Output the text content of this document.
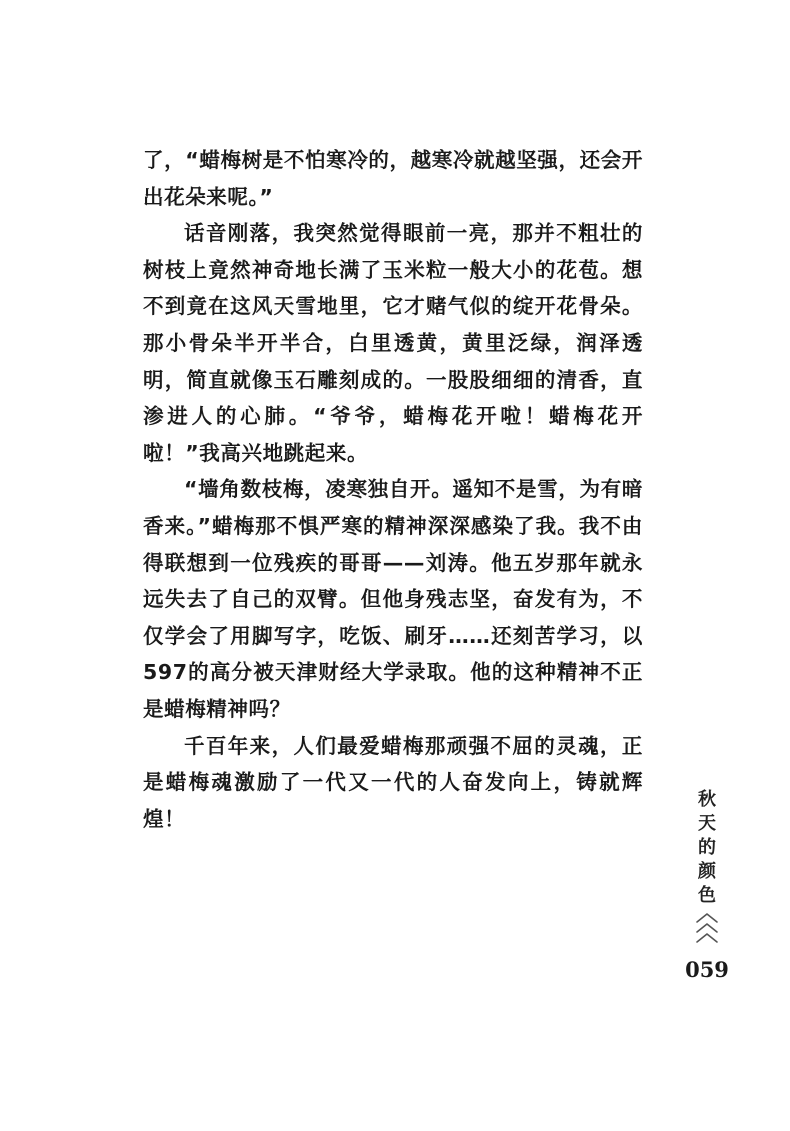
了，“蜡梅树是不怕寒冷的，越寒冷就越坚强，还会开出花朵来呢。”

话音刚落，我突然觉得眼前一亮，那并不粗壮的树枝上竟然神奇地长满了玉米粒一般大小的花苞。想不到竟在这风天雪地里，它才赌气似的绽开花骨朵。那小骨朵半开半合，白里透黄，黄里泛绿，润泽透明，简直就像玉石雕刻成的。一股股细细的清香，直渗进人的心肺。“爷爷，蜡梅花开啦！蜡梅花开啦！”我高兴地跳起来。

“墙角数枝梅，凌寒独自开。遥知不是雪，为有暗香来。”蜡梅那不惧严寒的精神深深感染了我。我不由得联想到一位残疾的哥哥——刘涛。他五岁那年就永远失去了自己的双臂。但他身残志坚，奋发有为，不仅学会了用脚写字，吃饭、刷牙……还刻苦学习，以597的高分被天津财经大学录取。他的这种精神不正是蜡梅精神吗？

千百年来，人们最爱蜡梅那顽强不屈的灵魂，正是蜡梅魂激励了一代又一代的人奋发向上，铸就辉煌！

秋
天
的
颜
色
059
